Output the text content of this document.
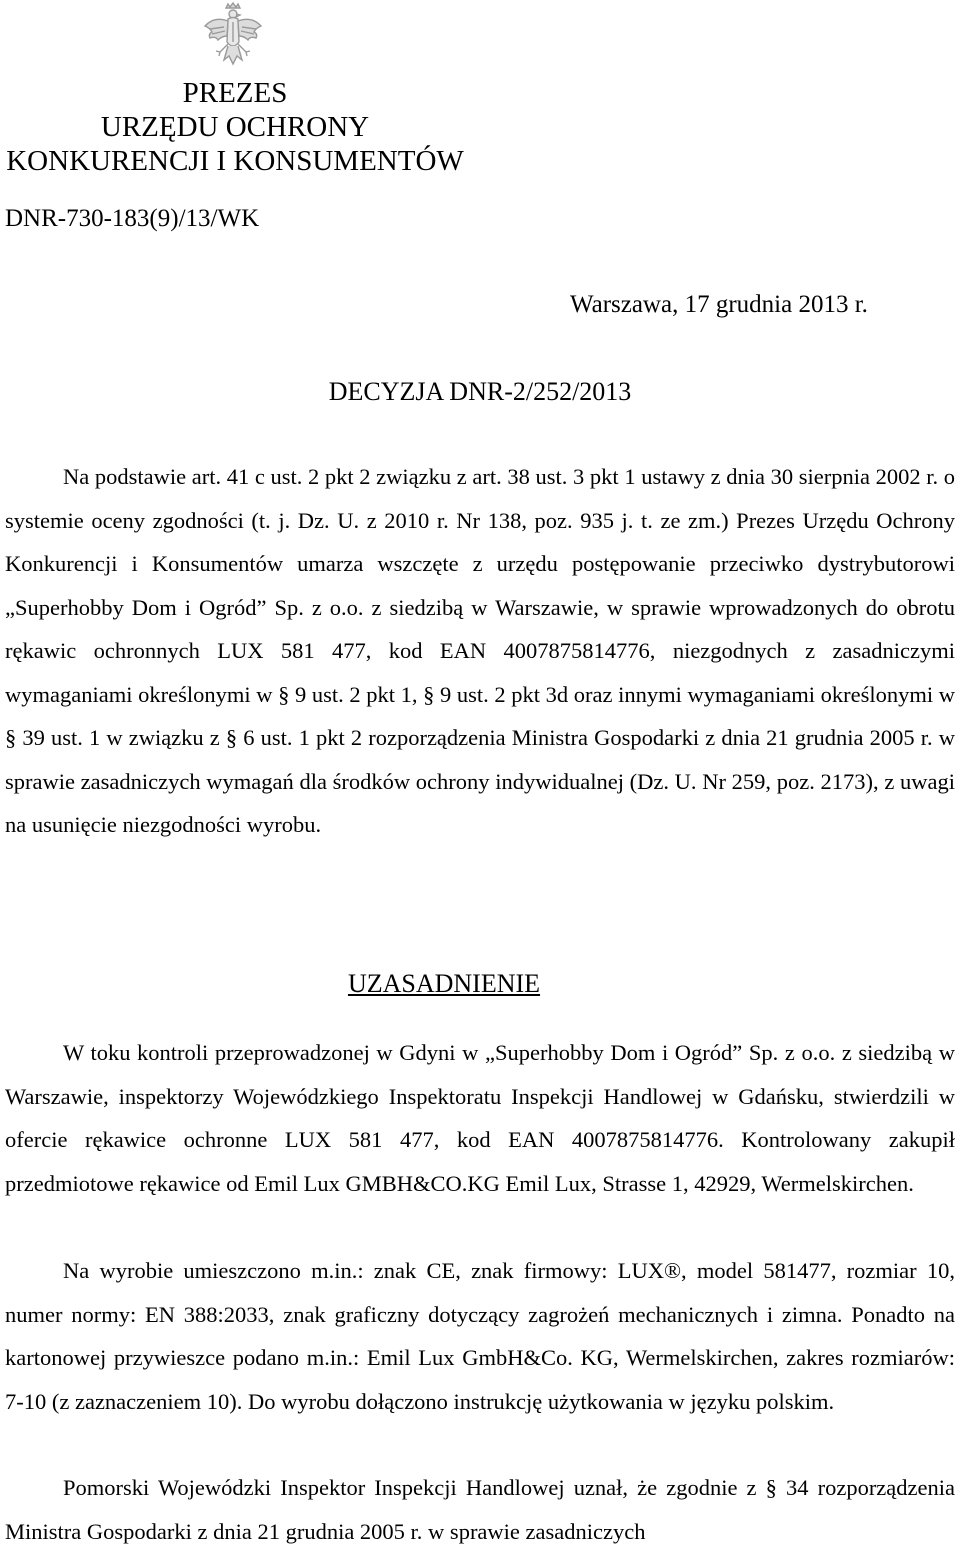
PREZES
URZĘDU OCHRONY
KONKURENCJI I KONSUMENTÓW
DNR-730-183(9)/13/WK
Warszawa, 17 grudnia 2013 r.
DECYZJA DNR-2/252/2013

Na podstawie art. 41 c ust. 2 pkt 2 związku z art. 38 ust. 3 pkt 1 ustawy z dnia 30 sierpnia 2002 r. o systemie oceny zgodności (t. j. Dz. U. z 2010 r. Nr 138, poz. 935 j. t. ze zm.) Prezes Urzędu Ochrony Konkurencji i Konsumentów umarza wszczęte z urzędu postępowanie przeciwko dystrybutorowi „Superhobby Dom i Ogród” Sp. z o.o. z siedzibą w Warszawie, w sprawie wprowadzonych do obrotu rękawic ochronnych LUX 581 477, kod EAN 4007875814776, niezgodnych z zasadniczymi wymaganiami określonymi w § 9 ust. 2 pkt 1, § 9 ust. 2 pkt 3d oraz innymi wymaganiami określonymi w § 39 ust. 1 w związku z § 6 ust. 1 pkt 2 rozporządzenia Ministra Gospodarki z dnia 21 grudnia 2005 r. w sprawie zasadniczych wymagań dla środków ochrony indywidualnej (Dz. U. Nr 259, poz. 2173), z uwagi na usunięcie niezgodności wyrobu.

UZASADNIENIE

W toku kontroli przeprowadzonej w Gdyni w „Superhobby Dom i Ogród” Sp. z o.o. z siedzibą w Warszawie, inspektorzy Wojewódzkiego Inspektoratu Inspekcji Handlowej w Gdańsku, stwierdzili w ofercie rękawice ochronne LUX 581 477, kod EAN 4007875814776. Kontrolowany zakupił przedmiotowe rękawice od Emil Lux GMBH&CO.KG Emil Lux, Strasse 1, 42929, Wermelskirchen.

Na wyrobie umieszczono m.in.: znak CE, znak firmowy: LUX®, model 581477, rozmiar 10, numer normy: EN 388:2033, znak graficzny dotyczący zagrożeń mechanicznych i zimna. Ponadto na kartonowej przywieszce podano m.in.: Emil Lux GmbH&Co. KG, Wermelskirchen, zakres rozmiarów: 7-10 (z zaznaczeniem 10). Do wyrobu dołączono instrukcję użytkowania w języku polskim.

Pomorski Wojewódzki Inspektor Inspekcji Handlowej uznał, że zgodnie z § 34 rozporządzenia Ministra Gospodarki z dnia 21 grudnia 2005 r. w sprawie zasadniczych
